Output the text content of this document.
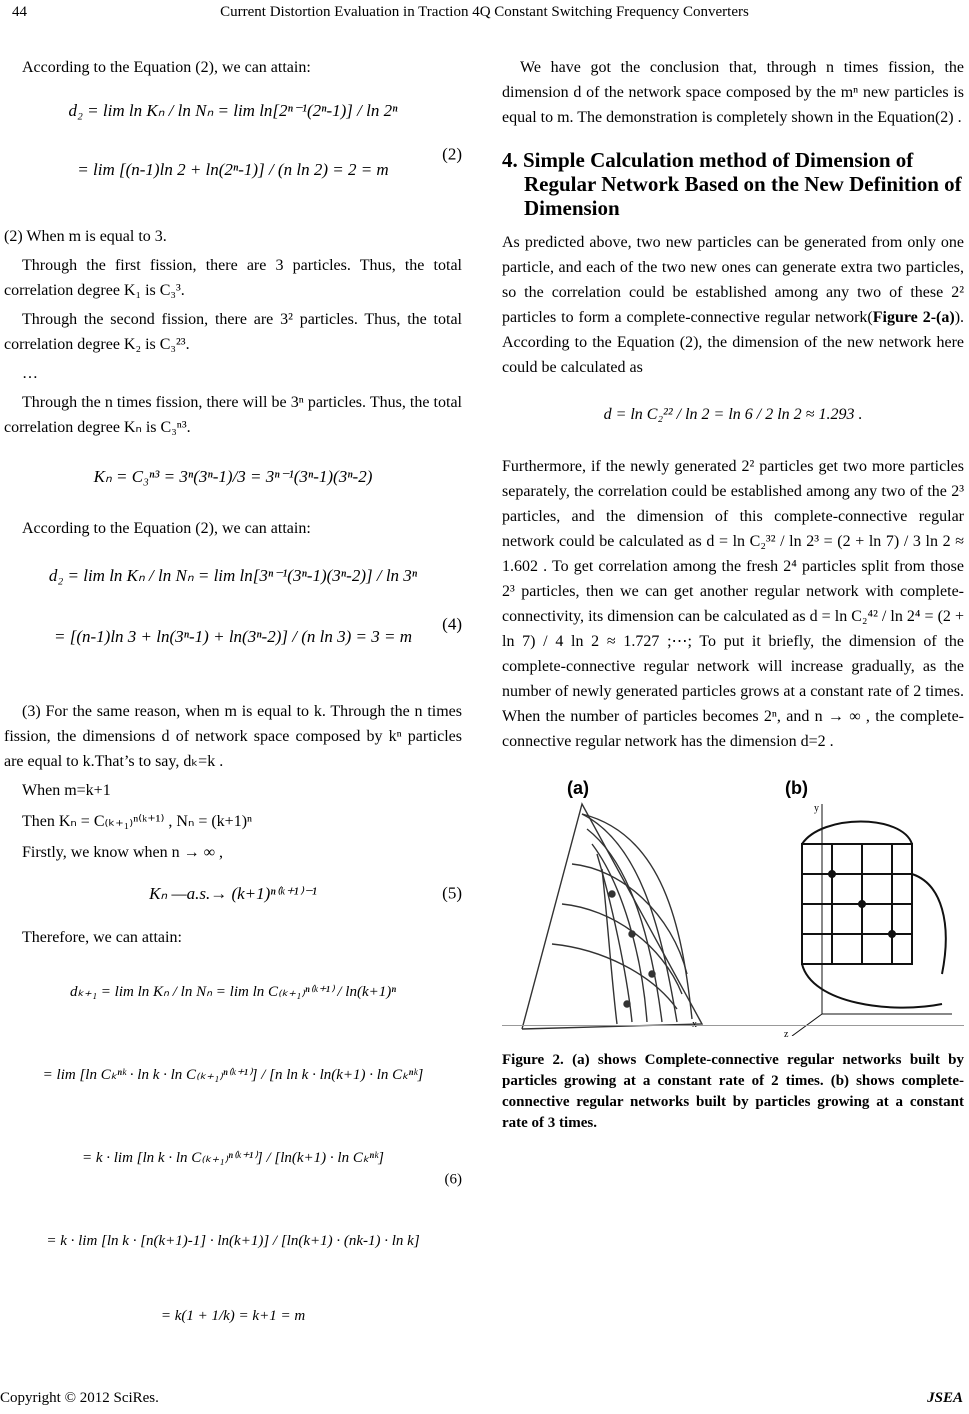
44	Current Distortion Evaluation in Traction 4Q Constant Switching Frequency Converters

According to the Equation (2), we can attain:

d₂ = lim ln Kₙ / ln Nₙ = lim ln[2ⁿ⁻¹(2ⁿ-1)] / ln 2ⁿ
= lim [(n-1)ln 2 + ln(2ⁿ-1)] / (n ln 2) = 2 = m
(2)

(2) When m is equal to 3.

Through the first fission, there are 3 particles. Thus, the total correlation degree K₁ is C₃³.

Through the second fission, there are 3² particles. Thus, the total correlation degree K₂ is C₃²³.

…

Through the n times fission, there will be 3ⁿ particles. Thus, the total correlation degree Kₙ is C₃ⁿ³.

Kₙ = C₃ⁿ³ = 3ⁿ(3ⁿ-1)/3 = 3ⁿ⁻¹(3ⁿ-1)(3ⁿ-2)

According to the Equation (2), we can attain:

d₂ = lim ln Kₙ / ln Nₙ = lim ln[3ⁿ⁻¹(3ⁿ-1)(3ⁿ-2)] / ln 3ⁿ
= [(n-1)ln 3 + ln(3ⁿ-1) + ln(3ⁿ-2)] / (n ln 3) = 3 = m
(4)

(3) For the same reason, when m is equal to k. Through the n times fission, the dimensions d of network space composed by kⁿ particles are equal to k.That’s to say, dₖ=k .

When m=k+1

Then Kₙ = C₍ₖ₊₁₎ⁿ⁽ᵏ⁺¹⁾ , Nₙ = (k+1)ⁿ

Firstly, we know when n → ∞ ,

Kₙ —a.s.→ (k+1)ⁿ⁽ᵏ⁺¹⁾⁻¹	(5)

Therefore, we can attain:

dₖ₊₁ = lim ln Kₙ / ln Nₙ = lim ln C₍ₖ₊₁₎ⁿ⁽ᵏ⁺¹⁾ / ln(k+1)ⁿ
= lim [ln Cₖⁿᵏ · ln k · ln C₍ₖ₊₁₎ⁿ⁽ᵏ⁺¹⁾] / [n ln k · ln(k+1) · ln Cₖⁿᵏ]
= k · lim [ln k · ln C₍ₖ₊₁₎ⁿ⁽ᵏ⁺¹⁾] / [ln(k+1) · ln Cₖⁿᵏ]
= k · lim [ln k · [n(k+1)-1] · ln(k+1)] / [ln(k+1) · (nk-1) · ln k]
= k(1 + 1/k) = k+1 = m
(6)

We have got the conclusion that, through n times fission, the dimension d of the network space composed by the mⁿ new particles is equal to m. The demonstration is completely shown in the Equation(2) .

4. Simple Calculation method of Dimension of Regular Network Based on the New Definition of Dimension

As predicted above, two new particles can be generated from only one particle, and each of the two new ones can generate extra two particles, so the correlation could be established among any two of these 2² particles to form a complete-connective regular network(Figure 2-(a)). According to the Equation (2), the dimension of the new network here could be calculated as

d = ln C₂²² / ln 2 = ln 6 / 2 ln 2 ≈ 1.293 .

Furthermore, if the newly generated 2² particles get two more particles separately, the correlation could be established among any two of the 2³ particles, and the dimension of this complete-connective regular network could be calculated as d = ln C₂³² / ln 2³ = (2 + ln 7) / 3 ln 2 ≈ 1.602 . To get correlation among the fresh 2⁴ particles split from those 2³ particles, then we can get another regular network with complete-connectivity, its dimension can be calculated as d = ln C₂⁴² / ln 2⁴ = (2 + ln 7) / 4 ln 2 ≈ 1.727 ;⋯; To put it briefly, the dimension of the complete-connective regular network will increase gradually, as the number of newly generated particles grows at a constant rate of 2 times. When the number of particles becomes 2ⁿ, and n → ∞ , the complete-connective regular network has the dimension d=2 .

(a)	(b)
x
y
z
Figure 2. (a) shows Complete-connective regular networks built by particles growing at a constant rate of 2 times. (b) shows complete-connective regular networks built by particles growing at a constant rate of 3 times.
Copyright © 2012 SciRes.	JSEA
